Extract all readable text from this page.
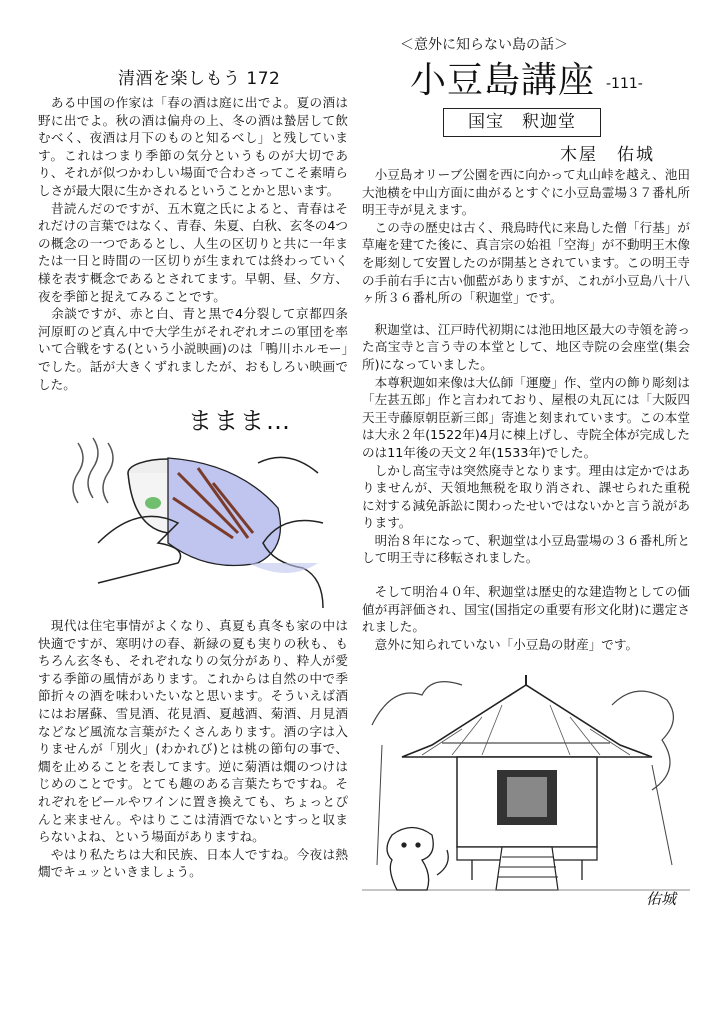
清酒を楽しもう 172

　ある中国の作家は「春の酒は庭に出でよ。夏の酒は野に出でよ。秋の酒は偏舟の上、冬の酒は蟄居して飲むべく、夜酒は月下のものと知るべし」と残しています。これはつまり季節の気分というものが大切であり、それが似つかわしい場面で合わさってこそ素晴らしさが最大限に生かされるということかと思います。

　昔読んだのですが、五木寛之氏によると、青春はそれだけの言葉ではなく、青春、朱夏、白秋、玄冬の4つの概念の一つであるとし、人生の区切りと共に一年または一日と時間の一区切りが生まれては終わっていく様を表す概念であるとされてます。早朝、昼、夕方、夜を季節と捉えてみることです。

　余談ですが、赤と白、青と黒で4分裂して京都四条河原町のど真ん中で大学生がそれぞれオニの軍団を率いて合戦をする(という小説映画)のは「鴨川ホルモー」でした。話が大きくずれましたが、おもしろい映画でした。

ままま…

　現代は住宅事情がよくなり、真夏も真冬も家の中は快適ですが、寒明けの春、新緑の夏も実りの秋も、もちろん玄冬も、それぞれなりの気分があり、粋人が愛する季節の風情があります。これからは自然の中で季節折々の酒を味わいたいなと思います。そういえば酒にはお屠蘇、雪見酒、花見酒、夏越酒、菊酒、月見酒などなど風流な言葉がたくさんあります。酒の字は入りませんが「別火」(わかれび)とは桃の節句の事で、燗を止めることを表してます。逆に菊酒は燗のつけはじめのことです。とても趣のある言葉たちですね。それぞれをビールやワインに置き換えても、ちょっとぴんと来ません。やはりここは清酒でないとすっと収まらないよね、という場面がありますね。

　やはり私たちは大和民族、日本人ですね。今夜は熱燗でキュッといきましょう。

＜意外に知らない島の話＞
小豆島講座 -111-
国宝　釈迦堂
木屋　佑城

　小豆島オリーブ公園を西に向かって丸山峠を越え、池田大池横を中山方面に曲がるとすぐに小豆島霊場３７番札所明王寺が見えます。

　この寺の歴史は古く、飛鳥時代に来島した僧「行基」が草庵を建てた後に、真言宗の始祖「空海」が不動明王木像を彫刻して安置したのが開基とされています。この明王寺の手前右手に古い伽藍がありますが、これが小豆島八十八ヶ所３６番札所の「釈迦堂」です。

　釈迦堂は、江戸時代初期には池田地区最大の寺領を誇った高宝寺と言う寺の本堂として、地区寺院の会座堂(集会所)になっていました。

　本尊釈迦如来像は大仏師「運慶」作、堂内の飾り彫刻は「左甚五郎」作と言われており、屋根の丸瓦には「大阪四天王寺藤原朝臣新三郎」寄進と刻まれています。この本堂は大永２年(1522年)4月に棟上げし、寺院全体が完成したのは11年後の天文２年(1533年)でした。

　しかし高宝寺は突然廃寺となります。理由は定かではありませんが、天領地無税を取り消され、課せられた重税に対する減免訴訟に関わったせいではないかと言う説があります。

　明治８年になって、釈迦堂は小豆島霊場の３６番札所として明王寺に移転されました。

　そして明治４０年、釈迦堂は歴史的な建造物としての価値が再評価され、国宝(国指定の重要有形文化財)に選定されました。

　意外に知られていない「小豆島の財産」です。

佑城
